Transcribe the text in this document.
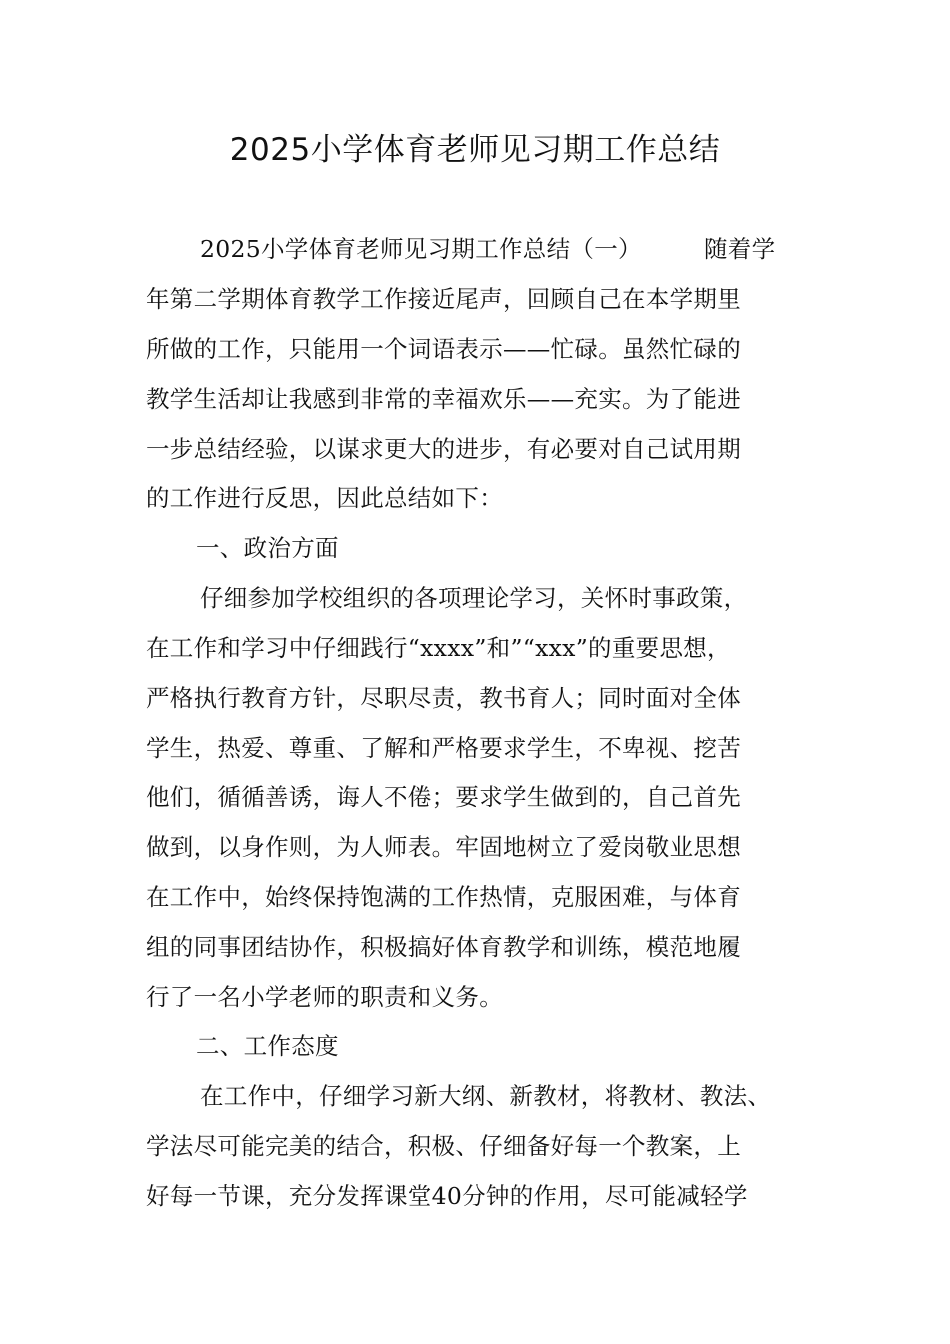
2025小学体育老师见习期工作总结

2025小学体育老师见习期工作总结（一）        随着学

年第二学期体育教学工作接近尾声，回顾自己在本学期里

所做的工作，只能用一个词语表示——忙碌。虽然忙碌的

教学生活却让我感到非常的幸福欢乐——充实。为了能进

一步总结经验，以谋求更大的进步，有必要对自己试用期

的工作进行反思，因此总结如下：

一、政治方面

仔细参加学校组织的各项理论学习，关怀时事政策，

在工作和学习中仔细践行“xxxx”和”“xxx”的重要思想，

严格执行教育方针，尽职尽责，教书育人；同时面对全体

学生，热爱、尊重、了解和严格要求学生，不卑视、挖苦

他们，循循善诱，诲人不倦；要求学生做到的，自己首先

做到，以身作则，为人师表。牢固地树立了爱岗敬业思想

在工作中，始终保持饱满的工作热情，克服困难，与体育

组的同事团结协作，积极搞好体育教学和训练，模范地履

行了一名小学老师的职责和义务。

二、工作态度

在工作中，仔细学习新大纲、新教材，将教材、教法、

学法尽可能完美的结合，积极、仔细备好每一个教案，上

好每一节课，充分发挥课堂40分钟的作用，尽可能减轻学
